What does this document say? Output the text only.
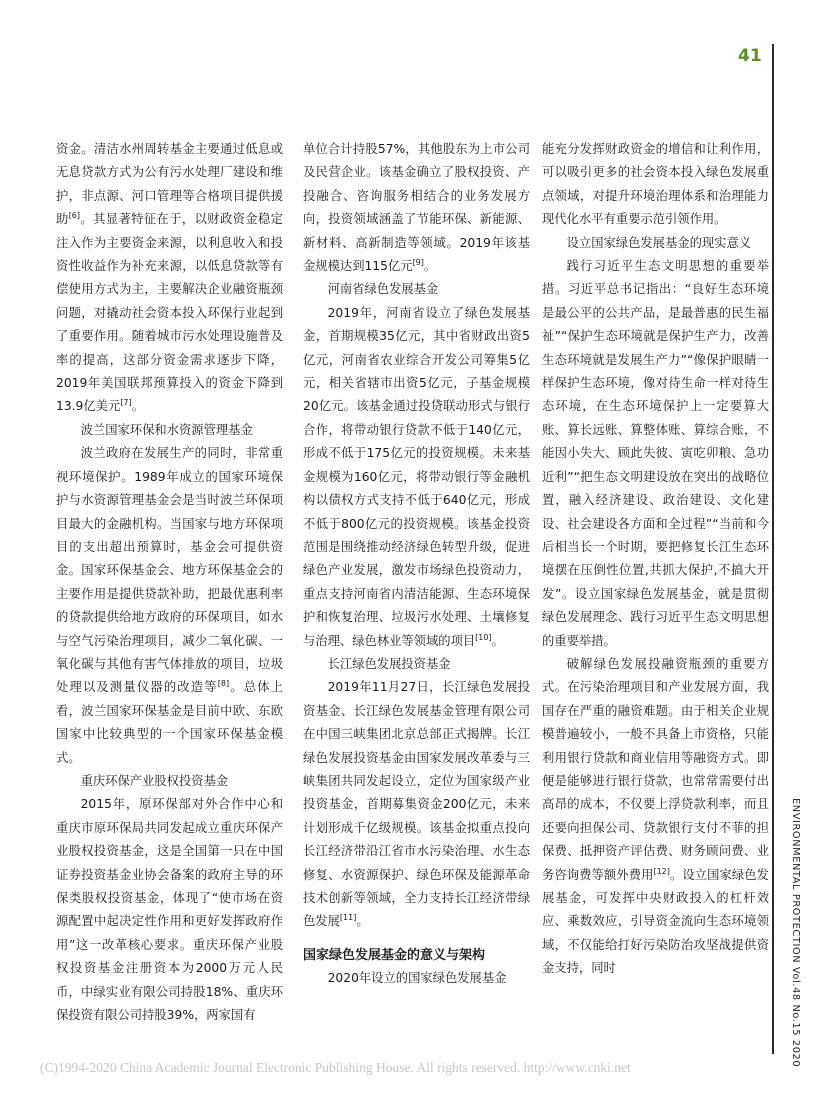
41

资金。清洁水州周转基金主要通过低息或无息贷款方式为公有污水处理厂建设和维护，非点源、河口管理等合格项目提供援助[6]。其显著特征在于，以财政资金稳定注入作为主要资金来源，以利息收入和投资性收益作为补充来源，以低息贷款等有偿使用方式为主，主要解决企业融资瓶颈问题，对撬动社会资本投入环保行业起到了重要作用。随着城市污水处理设施普及率的提高，这部分资金需求逐步下降，2019年美国联邦预算投入的资金下降到13.9亿美元[7]。

波兰国家环保和水资源管理基金

波兰政府在发展生产的同时，非常重视环境保护。1989年成立的国家环境保护与水资源管理基金会是当时波兰环保项目最大的金融机构。当国家与地方环保项目的支出超出预算时，基金会可提供资金。国家环保基金会、地方环保基金会的主要作用是提供贷款补助，把最优惠利率的贷款提供给地方政府的环保项目，如水与空气污染治理项目，减少二氧化碳、一氧化碳与其他有害气体排放的项目，垃圾处理以及测量仪器的改造等[8]。总体上看，波兰国家环保基金是目前中欧、东欧国家中比较典型的一个国家环保基金模式。

重庆环保产业股权投资基金

2015年，原环保部对外合作中心和重庆市原环保局共同发起成立重庆环保产业股权投资基金，这是全国第一只在中国证券投资基金业协会备案的政府主导的环保类股权投资基金，体现了“使市场在资源配置中起决定性作用和更好发挥政府作用”这一改革核心要求。重庆环保产业股权投资基金注册资本为2000万元人民币，中绿实业有限公司持股18%、重庆环保投资有限公司持股39%，两家国有

单位合计持股57%，其他股东为上市公司及民营企业。该基金确立了股权投资、产投融合、咨询服务相结合的业务发展方向，投资领域涵盖了节能环保、新能源、新材料、高新制造等领域。2019年该基金规模达到115亿元[9]。

河南省绿色发展基金

2019年，河南省设立了绿色发展基金，首期规模35亿元，其中省财政出资5亿元，河南省农业综合开发公司筹集5亿元，相关省辖市出资5亿元，子基金规模20亿元。该基金通过投贷联动形式与银行合作，将带动银行贷款不低于140亿元，形成不低于175亿元的投资规模。未来基金规模为160亿元，将带动银行等金融机构以债权方式支持不低于640亿元，形成不低于800亿元的投资规模。该基金投资范围是围绕推动经济绿色转型升级，促进绿色产业发展，激发市场绿色投资动力，重点支持河南省内清洁能源、生态环境保护和恢复治理、垃圾污水处理、土壤修复与治理、绿色林业等领域的项目[10]。

长江绿色发展投资基金

2019年11月27日，长江绿色发展投资基金、长江绿色发展基金管理有限公司在中国三峡集团北京总部正式揭牌。长江绿色发展投资基金由国家发展改革委与三峡集团共同发起设立，定位为国家级产业投资基金，首期募集资金200亿元，未来计划形成千亿级规模。该基金拟重点投向长江经济带沿江省市水污染治理、水生态修复、水资源保护、绿色环保及能源革命技术创新等领域，全力支持长江经济带绿色发展[11]。

国家绿色发展基金的意义与架构

2020年设立的国家绿色发展基金

能充分发挥财政资金的增信和让利作用，可以吸引更多的社会资本投入绿色发展重点领域，对提升环境治理体系和治理能力现代化水平有重要示范引领作用。

设立国家绿色发展基金的现实意义

践行习近平生态文明思想的重要举措。习近平总书记指出：“良好生态环境是最公平的公共产品，是最普惠的民生福祉”“保护生态环境就是保护生产力，改善生态环境就是发展生产力”“像保护眼睛一样保护生态环境，像对待生命一样对待生态环境，在生态环境保护上一定要算大账、算长远账、算整体账、算综合账，不能因小失大、顾此失彼、寅吃卯粮、急功近利”“把生态文明建设放在突出的战略位置，融入经济建设、政治建设、文化建设、社会建设各方面和全过程”“当前和今后相当长一个时期，要把修复长江生态环境摆在压倒性位置,共抓大保护,不搞大开发”。设立国家绿色发展基金，就是贯彻绿色发展理念、践行习近平生态文明思想的重要举措。

破解绿色发展投融资瓶颈的重要方式。在污染治理项目和产业发展方面，我国存在严重的融资难题。由于相关企业规模普遍较小，一般不具备上市资格，只能利用银行贷款和商业信用等融资方式。即便是能够进行银行贷款，也常常需要付出高昂的成本，不仅要上浮贷款利率，而且还要向担保公司、贷款银行支付不菲的担保费、抵押资产评估费、财务顾问费、业务咨询费等额外费用[12]。设立国家绿色发展基金，可发挥中央财政投入的杠杆效应、乘数效应，引导资金流向生态环境领域，不仅能给打好污染防治攻坚战提供资金支持，同时	ENVIRONMENTAL PROTECTION Vol.48 No.15 2020
(C)1994-2020 China Academic Journal Electronic Publishing House. All rights reserved. http://www.cnki.net
